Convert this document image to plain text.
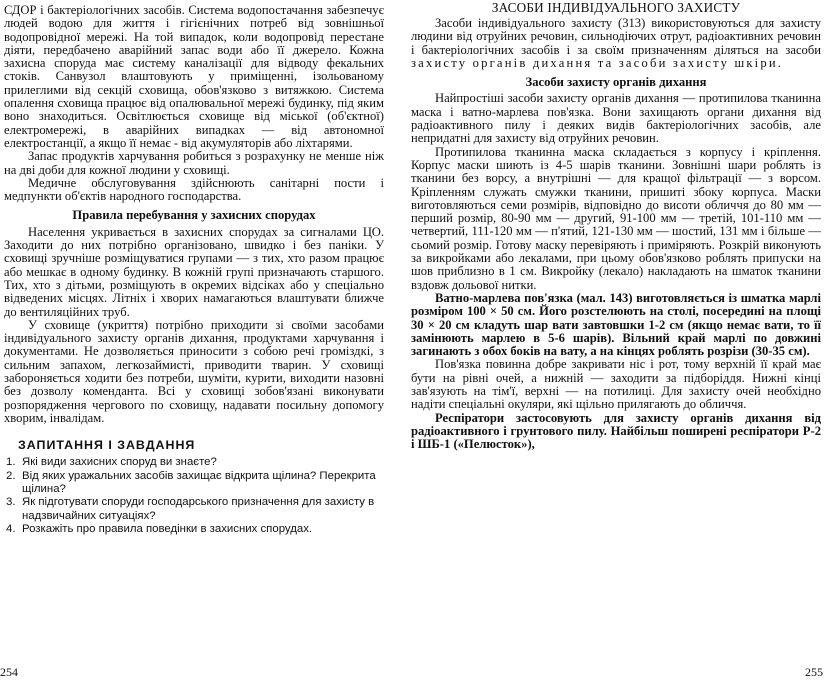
СДОР і бактеріологічних засобів. Система водопостачання забезпечує людей водою для життя і гігієнічних потреб від зовнішньої водопровідної мережі. На той випадок, коли водопровід перестане діяти, передбачено аварійний запас води або її джерело. Кожна захисна споруда має систему каналізації для відводу фекальних стоків. Санвузол влаштовують у приміщенні, ізольованому прилеглими від секцій сховища, обов'язково з витяжкою. Система опалення сховища працює від опалювальної мережі будинку, під яким воно знаходиться. Освітлюється сховище від міської (об'єктної) електромережі, в аварійних випадках — від автономної електростанції, а якщо її немає - від акумуляторів або ліхтарями.

Запас продуктів харчування робиться з розрахунку не менше ніж на дві доби для кожної людини у сховищі.

Медичне обслуговування здійснюють санітарні пости і медпункти об'єктів народного господарства.

Правила перебування у захисних спорудах

Населення укривається в захисних спорудах за сигналами ЦО. Заходити до них потрібно організовано, швидко і без паніки. У сховищі зручніше розміщуватися групами — з тих, хто разом працює або мешкає в одному будинку. В кожній групі призначають старшого. Тих, хто з дітьми, розміщують в окремих відсіках або у спеціально відведених місцях. Літніх і хворих намагаються влаштувати ближче до вентиляційних труб.

У сховище (укриття) потрібно приходити зі своїми засобами індивідуального захисту органів дихання, продуктами харчування і документами. Не дозволяється приносити з собою речі громіздкі, з сильним запахом, легкозаймисті, приводити тварин. У сховищі забороняється ходити без потреби, шуміти, курити, виходити назовні без дозволу коменданта. Всі у сховищі зобов'язані виконувати розпорядження чергового по сховищу, надавати посильну допомогу хворим, інвалідам.

ЗАПИТАННЯ І ЗАВДАННЯ
1. Які види захисних споруд ви знаєте?
2. Від яких уражальних засобів захищає відкрита щілина? Перекрита щілина?
3. Як підготувати споруди господарського призначення для захисту в надзвичайних ситуаціях?
4. Розкажіть про правила поведінки в захисних спорудах.
254
ЗАСОБИ ІНДИВІДУАЛЬНОГО ЗАХИСТУ

Засоби індивідуального захисту (313) використовуються для захисту людини від отруйних речовин, сильнодіючих отрут, радіоактивних речовин і бактеріологічних засобів і за своїм призначенням діляться на засоби захисту органів дихання та засоби захисту шкіри.

Засоби захисту органів дихання

Найпростіші засоби захисту органів дихання — протипилова тканинна маска і ватно-марлева пов'язка. Вони захищають органи дихання від радіоактивного пилу і деяких видів бактеріологічних засобів, але непридатні для захисту від отруйних речовин.

Протипилова тканинна маска складається з корпусу і кріплення. Корпус маски шиють із 4-5 шарів тканини. Зовнішні шари роблять із тканини без ворсу, а внутрішні — для кращої фільтрації — з ворсом. Кріпленням служать смужки тканини, пришиті збоку корпуса. Маски виготовляються семи розмірів, відповідно до висоти обличчя до 80 мм — перший розмір, 80-90 мм — другий, 91-100 мм — третій, 101-110 мм — четвертий, 111-120 мм — п'ятий, 121-130 мм — шостий, 131 мм і більше — сьомий розмір. Готову маску перевіряють і приміряють. Розкрій виконують за викройками або лекалами, при цьому обов'язково роблять припуски на шов приблизно в 1 см. Викройку (лекало) накладають на шматок тканини вздовж дольової нитки.

Ватно-марлева пов'язка (мал. 143) виготовляється із шматка марлі розміром 100 × 50 см. Його розстелюють на столі, посередині на площі 30 × 20 см кладуть шар вати завтовшки 1-2 см (якщо немає вати, то її замінюють марлею в 5-6 шарів). Вільний край марлі по довжині загинають з обох боків на вату, а на кінцях роблять розрізи (30-35 см).

Пов'язка повинна добре закривати ніс і рот, тому верхній її край має бути на рівні очей, а нижній — заходити за підборіддя. Нижні кінці зав'язують на тім'ї, верхні — на потилиці. Для захисту очей необхідно надіти спеціальні окуляри, які щільно прилягають до обличчя.

Респіратори застосовують для захисту органів дихання від радіоактивного і грунтового пилу. Найбільш поширені респіратори Р-2 і ШБ-1 («Пелюсток»),

255
